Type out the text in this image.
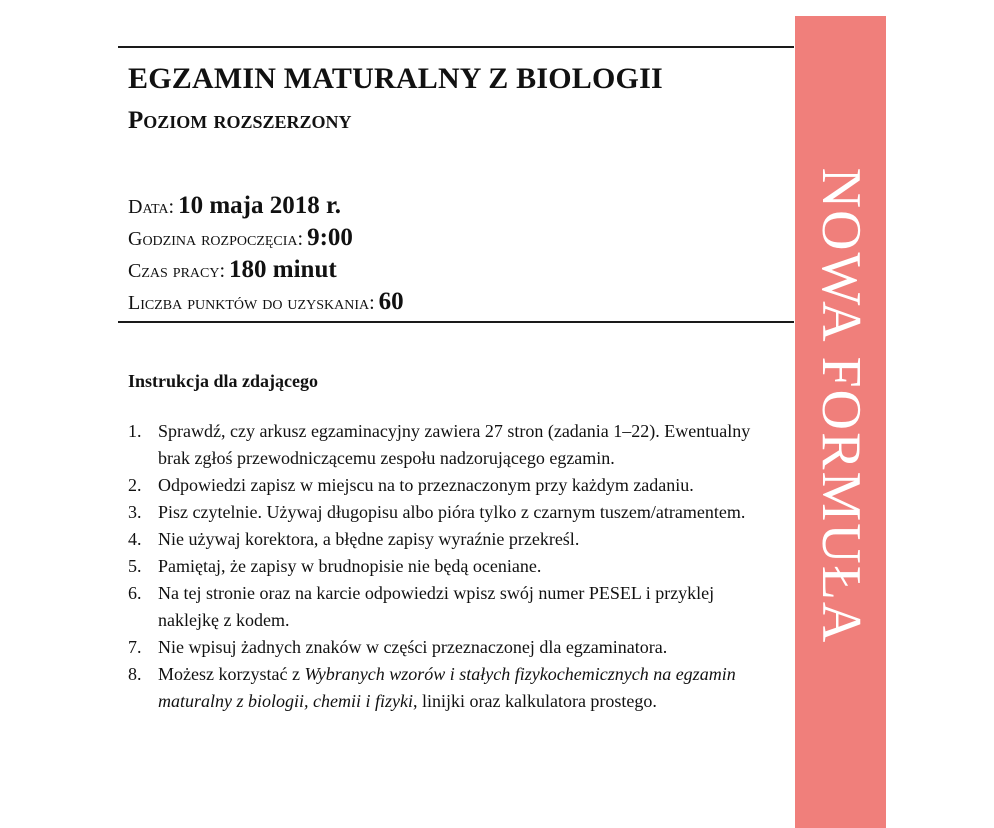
EGZAMIN MATURALNY Z BIOLOGII
Poziom rozszerzony
Data: 10 maja 2018 r.
Godzina rozpoczęcia: 9:00
Czas pracy: 180 minut
Liczba punktów do uzyskania: 60
Instrukcja dla zdającego
1. Sprawdź, czy arkusz egzaminacyjny zawiera 27 stron (zadania 1–22). Ewentualny brak zgłoś przewodniczącemu zespołu nadzorującego egzamin.
2. Odpowiedzi zapisz w miejscu na to przeznaczonym przy każdym zadaniu.
3. Pisz czytelnie. Używaj długopisu albo pióra tylko z czarnym tuszem/atramentem.
4. Nie używaj korektora, a błędne zapisy wyraźnie przekreśl.
5. Pamiętaj, że zapisy w brudnopisie nie będą oceniane.
6. Na tej stronie oraz na karcie odpowiedzi wpisz swój numer PESEL i przyklej naklejkę z kodem.
7. Nie wpisuj żadnych znaków w części przeznaczonej dla egzaminatora.
8. Możesz korzystać z Wybranych wzorów i stałych fizykochemicznych na egzamin maturalny z biologii, chemii i fizyki, linijki oraz kalkulatora prostego.
NOWA FORMUŁA
